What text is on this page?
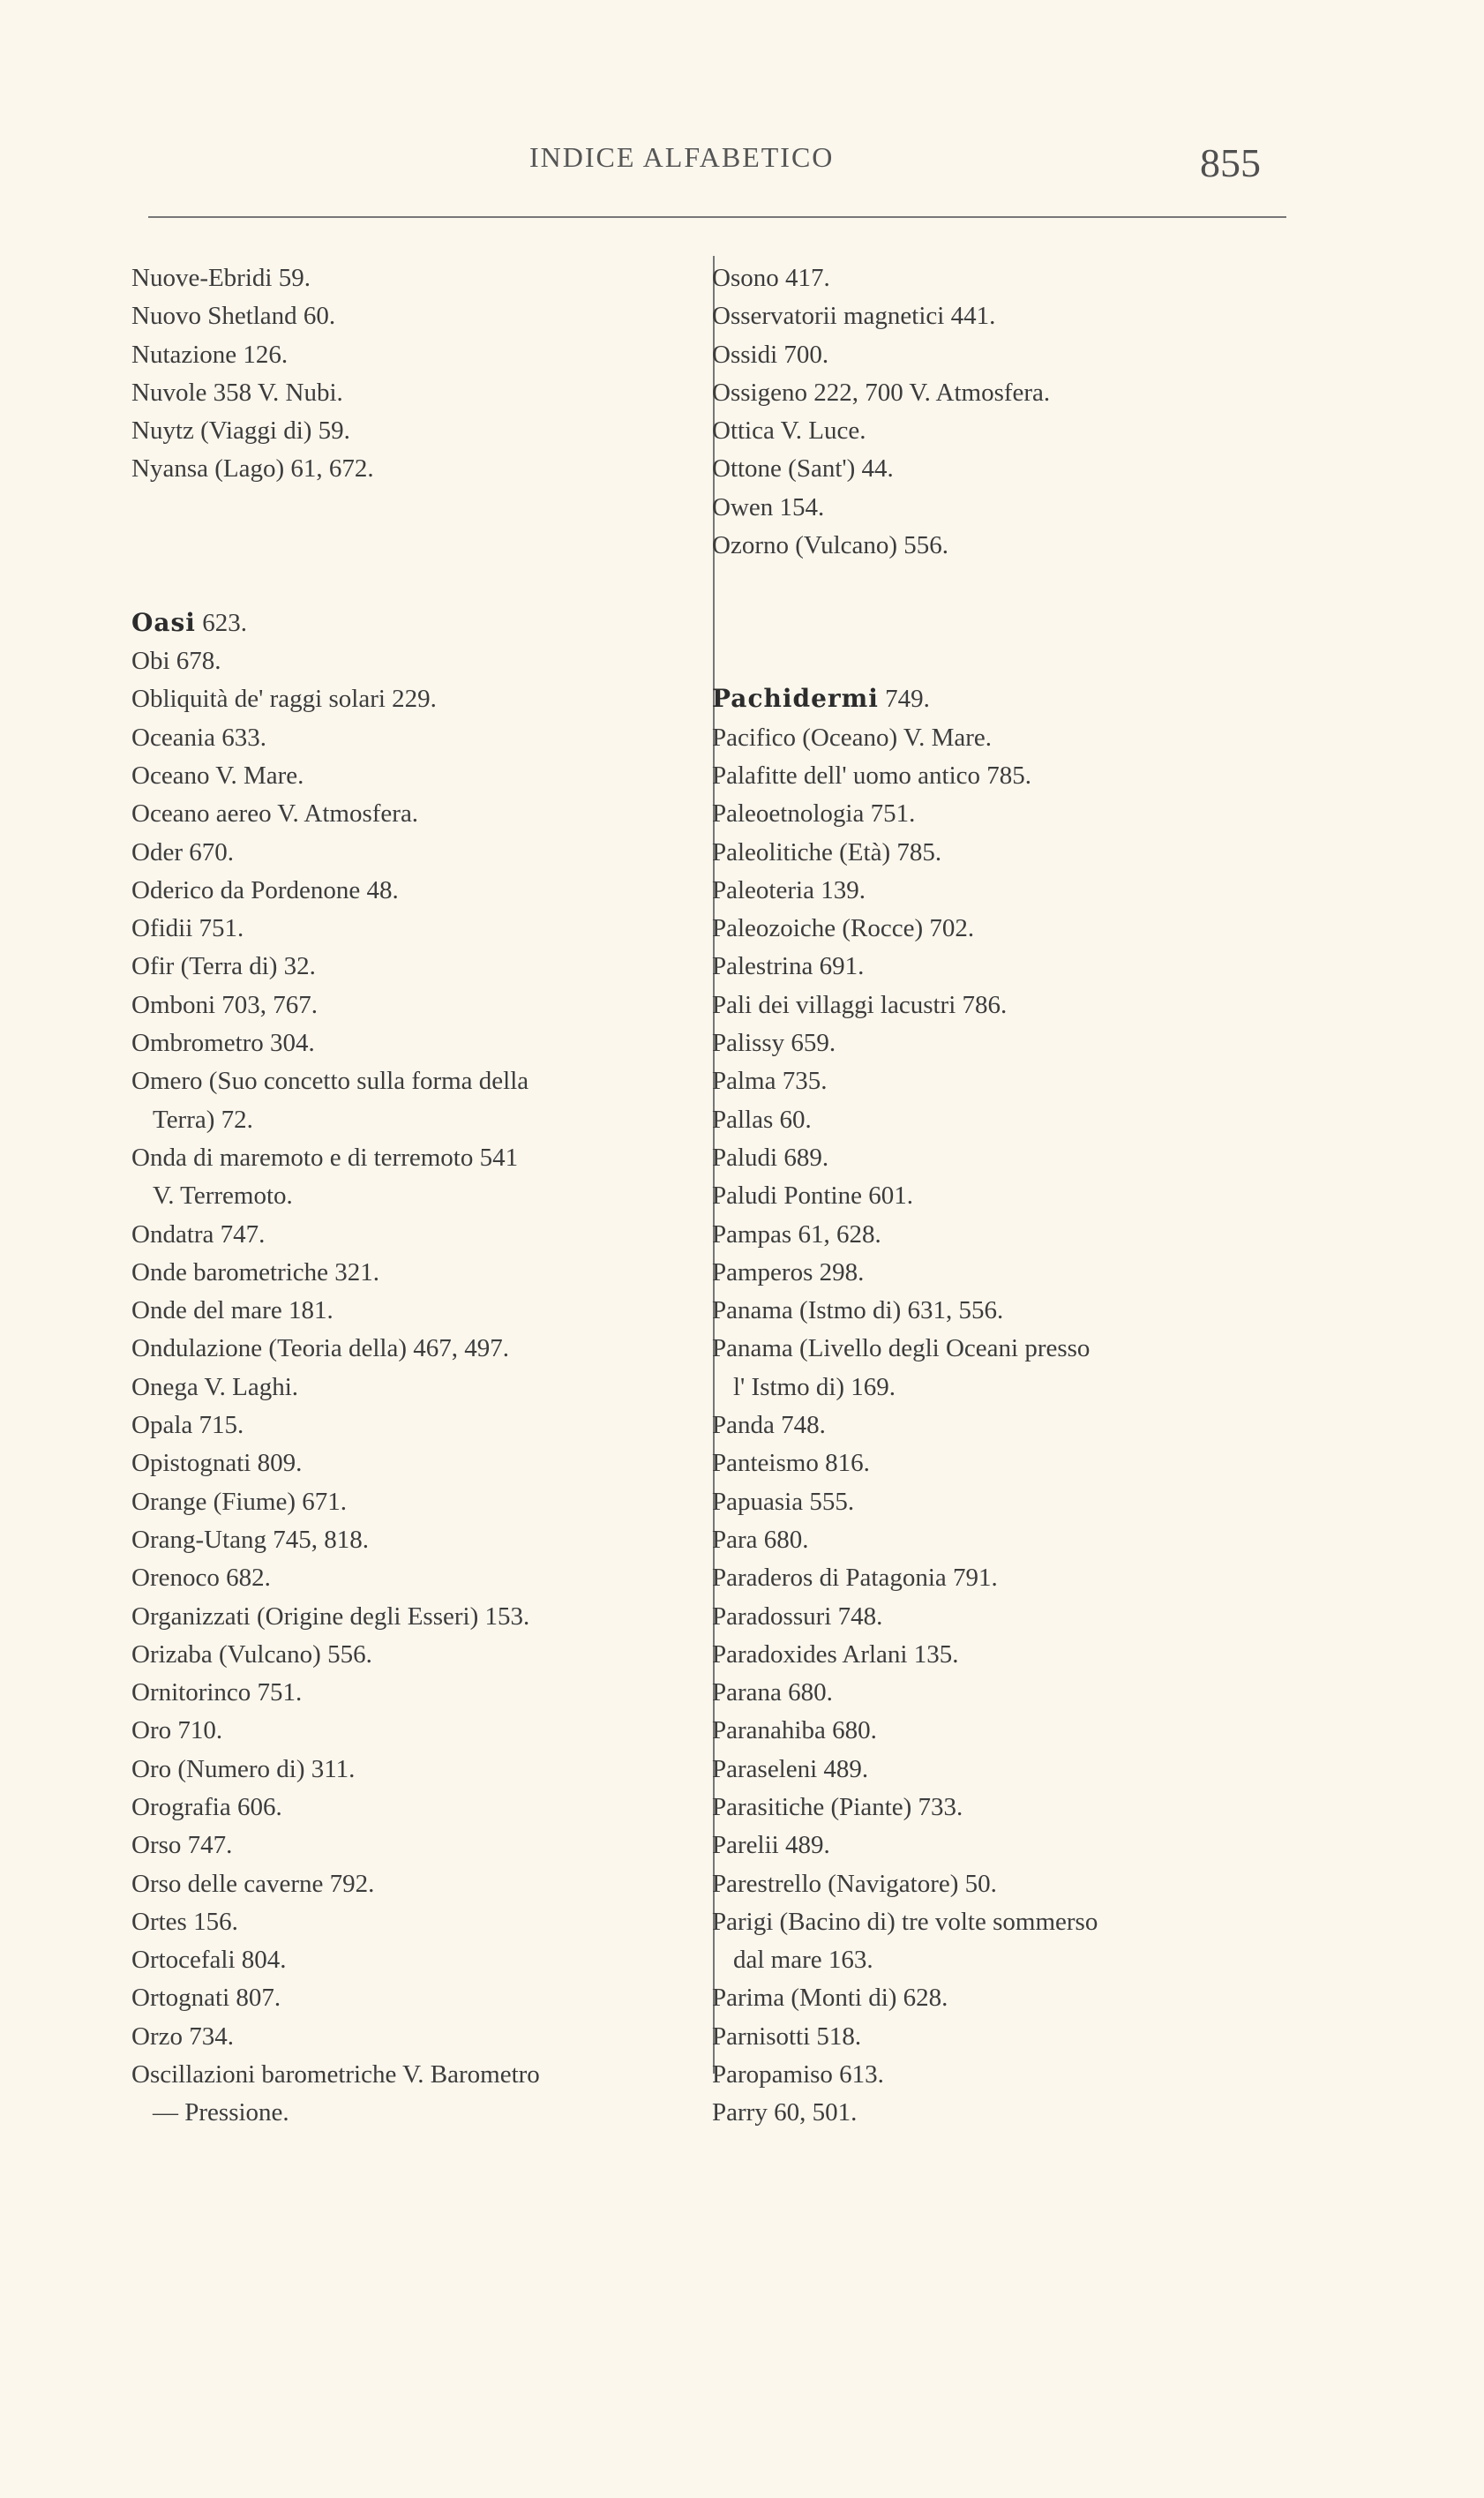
INDICE ALFABETICO	855
Nuove-Ebridi 59.
Nuovo Shetland 60.
Nutazione 126.
Nuvole 358 V. Nubi.
Nuytz (Viaggi di) 59.
Nyansa (Lago) 61, 672.
Oasi 623.
Obi 678.
Obliquità de' raggi solari 229.
Oceania 633.
Oceano V. Mare.
Oceano aereo V. Atmosfera.
Oder 670.
Oderico da Pordenone 48.
Ofidii 751.
Ofir (Terra di) 32.
Omboni 703, 767.
Ombrometro 304.
Omero (Suo concetto sulla forma della
Terra) 72.
Onda di maremoto e di terremoto 541
V. Terremoto.
Ondatra 747.
Onde barometriche 321.
Onde del mare 181.
Ondulazione (Teoria della) 467, 497.
Onega V. Laghi.
Opala 715.
Opistognati 809.
Orange (Fiume) 671.
Orang-Utang 745, 818.
Orenoco 682.
Organizzati (Origine degli Esseri) 153.
Orizaba (Vulcano) 556.
Ornitorinco 751.
Oro 710.
Oro (Numero di) 311.
Orografia 606.
Orso 747.
Orso delle caverne 792.
Ortes 156.
Ortocefali 804.
Ortognati 807.
Orzo 734.
Oscillazioni barometriche V. Barometro
— Pressione.
Osono 417.
Osservatorii magnetici 441.
Ossidi 700.
Ossigeno 222, 700 V. Atmosfera.
Ottica V. Luce.
Ottone (Sant') 44.
Owen 154.
Ozorno (Vulcano) 556.
Pachidermi 749.
Pacifico (Oceano) V. Mare.
Palafitte dell' uomo antico 785.
Paleoetnologia 751.
Paleolitiche (Età) 785.
Paleoteria 139.
Paleozoiche (Rocce) 702.
Palestrina 691.
Pali dei villaggi lacustri 786.
Palissy 659.
Palma 735.
Pallas 60.
Paludi 689.
Paludi Pontine 601.
Pampas 61, 628.
Pamperos 298.
Panama (Istmo di) 631, 556.
Panama (Livello degli Oceani presso
l' Istmo di) 169.
Panda 748.
Panteismo 816.
Papuasia 555.
Para 680.
Paraderos di Patagonia 791.
Paradossuri 748.
Paradoxides Arlani 135.
Parana 680.
Paranahiba 680.
Paraseleni 489.
Parasitiche (Piante) 733.
Parelii 489.
Parestrello (Navigatore) 50.
Parigi (Bacino di) tre volte sommerso
dal mare 163.
Parima (Monti di) 628.
Parnisotti 518.
Paropamiso 613.
Parry 60, 501.
